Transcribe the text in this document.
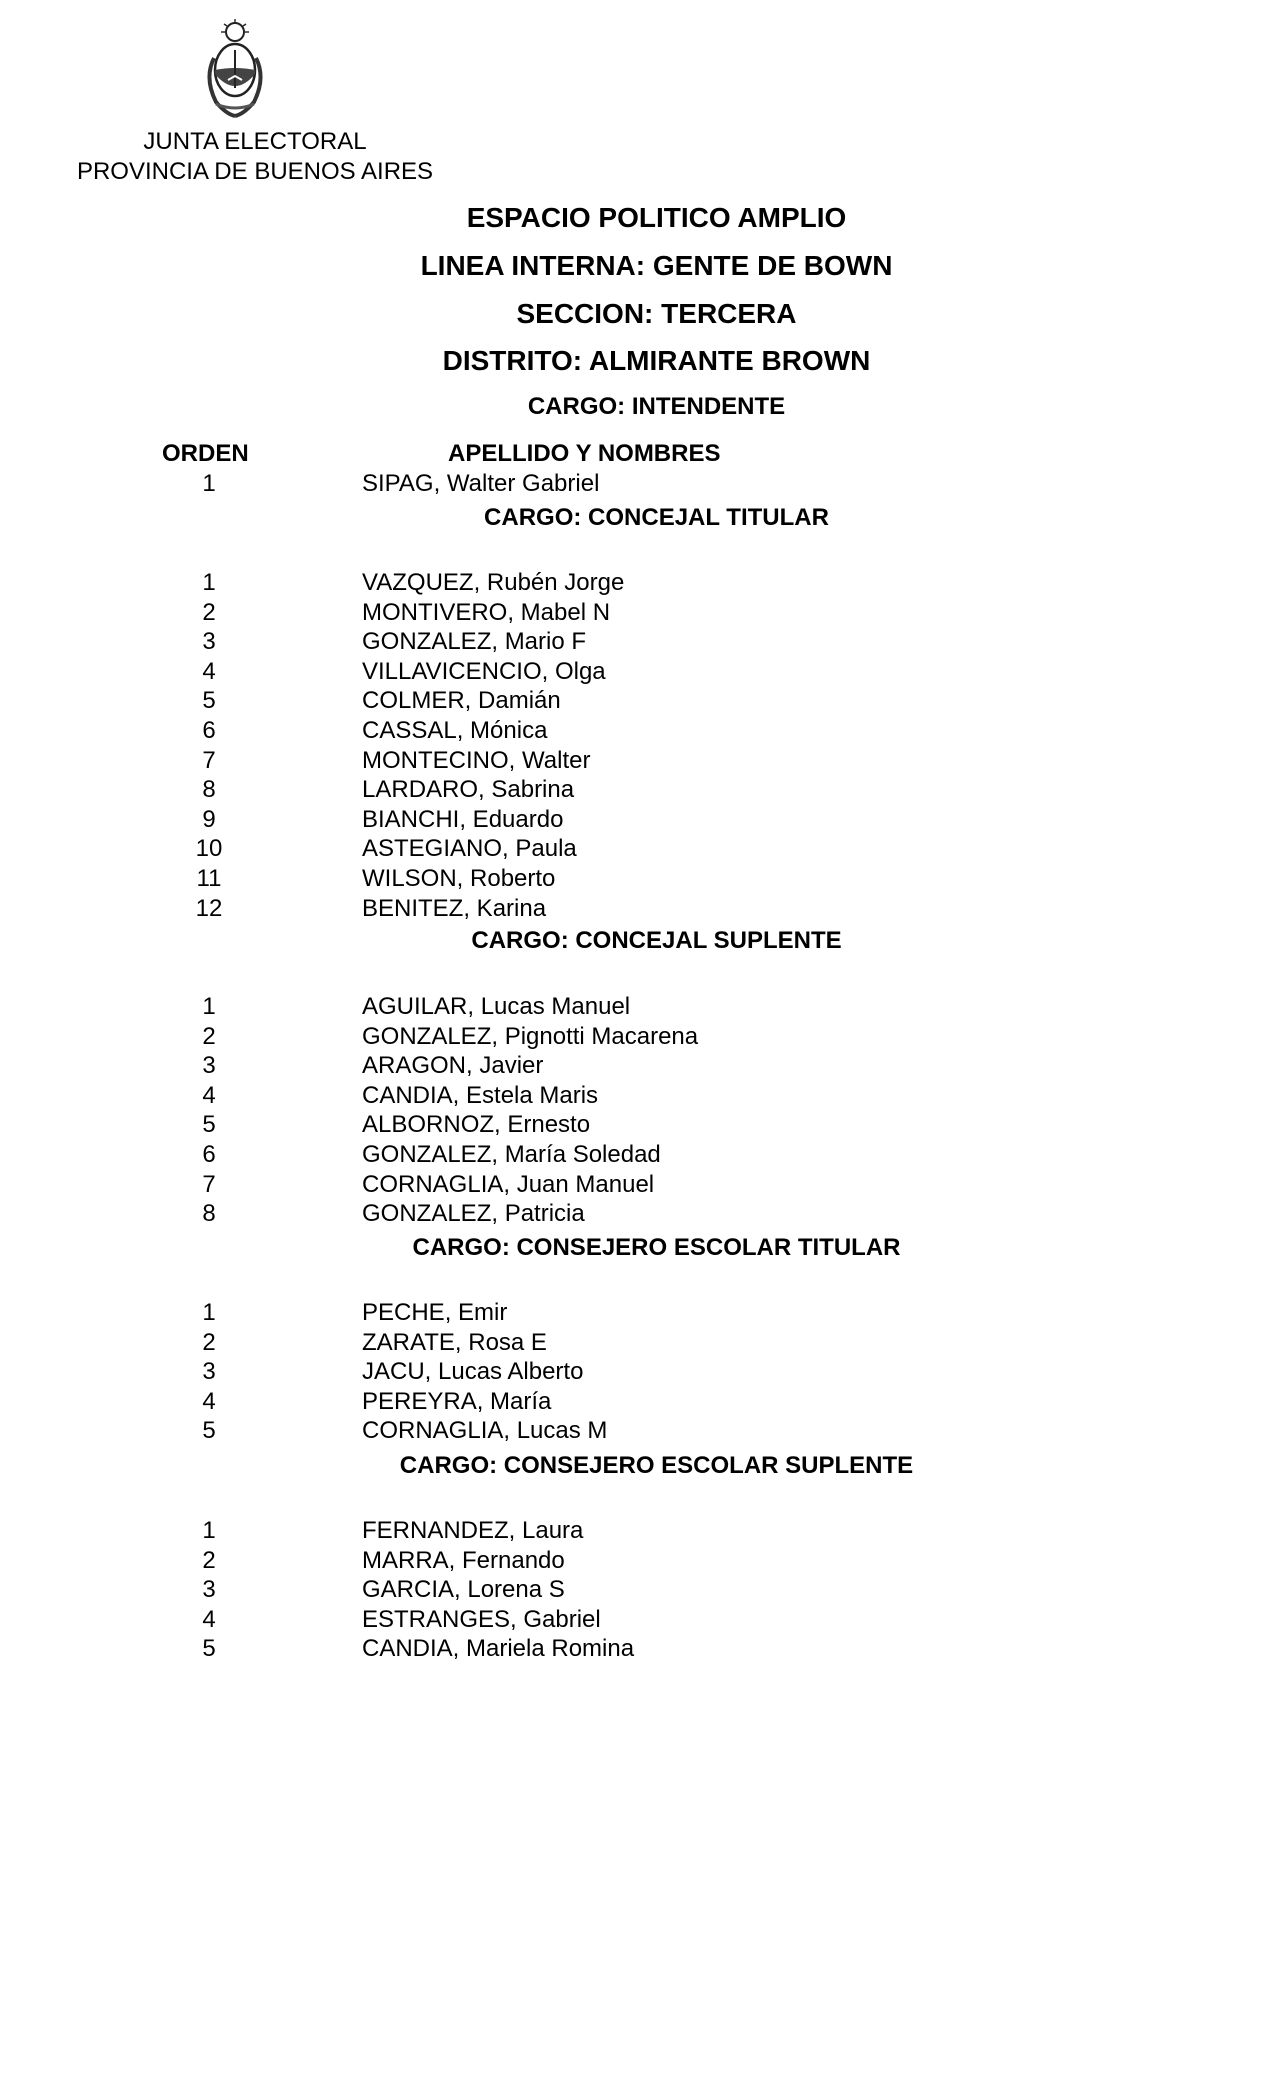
JUNTA ELECTORAL
PROVINCIA DE BUENOS AIRES
ESPACIO POLITICO AMPLIO
LINEA INTERNA: GENTE DE BOWN
SECCION: TERCERA
DISTRITO: ALMIRANTE BROWN
CARGO: INTENDENTE
ORDEN	APELLIDO Y NOMBRES
1	SIPAG, Walter Gabriel
CARGO: CONCEJAL TITULAR
1	VAZQUEZ, Rubén Jorge
2	MONTIVERO, Mabel N
3	GONZALEZ, Mario F
4	VILLAVICENCIO, Olga
5	COLMER, Damián
6	CASSAL, Mónica
7	MONTECINO, Walter
8	LARDARO, Sabrina
9	BIANCHI, Eduardo
10	ASTEGIANO, Paula
11	WILSON, Roberto
12	BENITEZ, Karina
CARGO: CONCEJAL SUPLENTE
1	AGUILAR, Lucas Manuel
2	GONZALEZ, Pignotti Macarena
3	ARAGON, Javier
4	CANDIA, Estela Maris
5	ALBORNOZ, Ernesto
6	GONZALEZ, María Soledad
7	CORNAGLIA, Juan Manuel
8	GONZALEZ, Patricia
CARGO: CONSEJERO ESCOLAR TITULAR
1	PECHE, Emir
2	ZARATE, Rosa E
3	JACU, Lucas Alberto
4	PEREYRA, María
5	CORNAGLIA, Lucas M
CARGO: CONSEJERO ESCOLAR SUPLENTE
1	FERNANDEZ, Laura
2	MARRA, Fernando
3	GARCIA, Lorena S
4	ESTRANGES, Gabriel
5	CANDIA, Mariela Romina
